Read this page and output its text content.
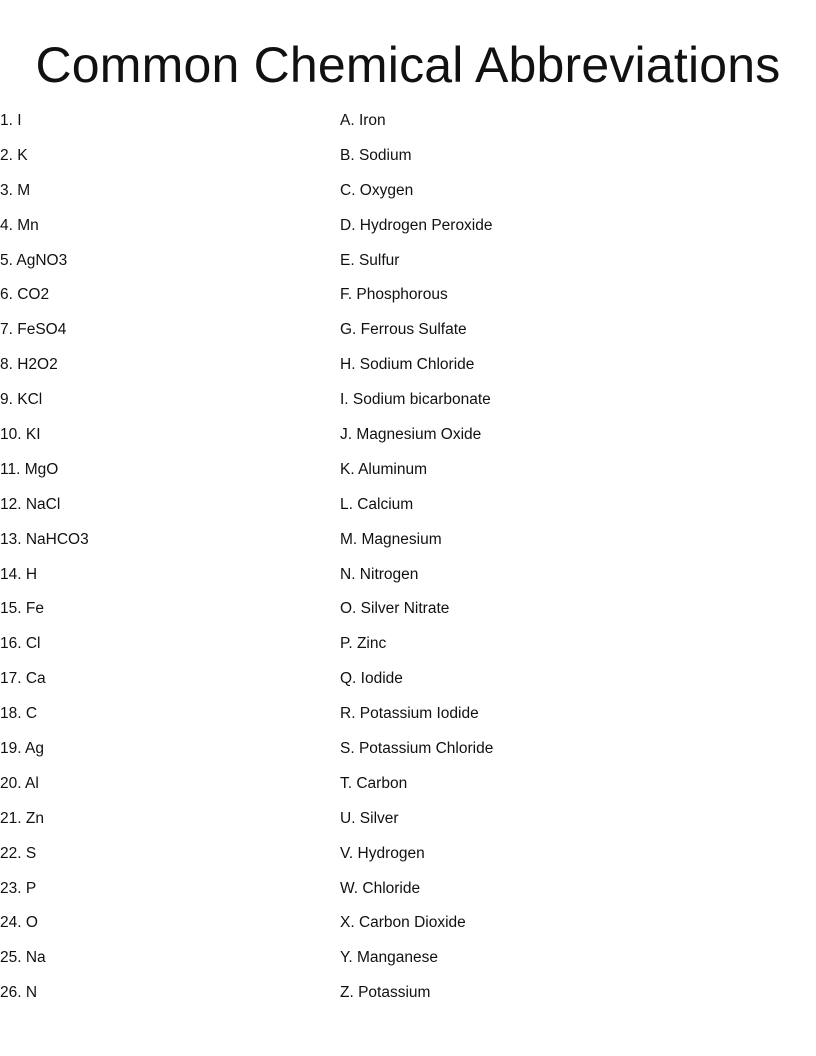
Common Chemical Abbreviations
1. I
2. K
3. M
4. Mn
5. AgNO3
6. CO2
7. FeSO4
8. H2O2
9. KCl
10. KI
11. MgO
12. NaCl
13. NaHCO3
14. H
15. Fe
16. Cl
17. Ca
18. C
19. Ag
20. Al
21. Zn
22. S
23. P
24. O
25. Na
26. N
A. Iron
B. Sodium
C. Oxygen
D. Hydrogen Peroxide
E. Sulfur
F. Phosphorous
G. Ferrous Sulfate
H. Sodium Chloride
I. Sodium bicarbonate
J. Magnesium Oxide
K. Aluminum
L. Calcium
M. Magnesium
N. Nitrogen
O. Silver Nitrate
P. Zinc
Q. Iodide
R. Potassium Iodide
S. Potassium Chloride
T. Carbon
U. Silver
V. Hydrogen
W. Chloride
X. Carbon Dioxide
Y. Manganese
Z. Potassium
